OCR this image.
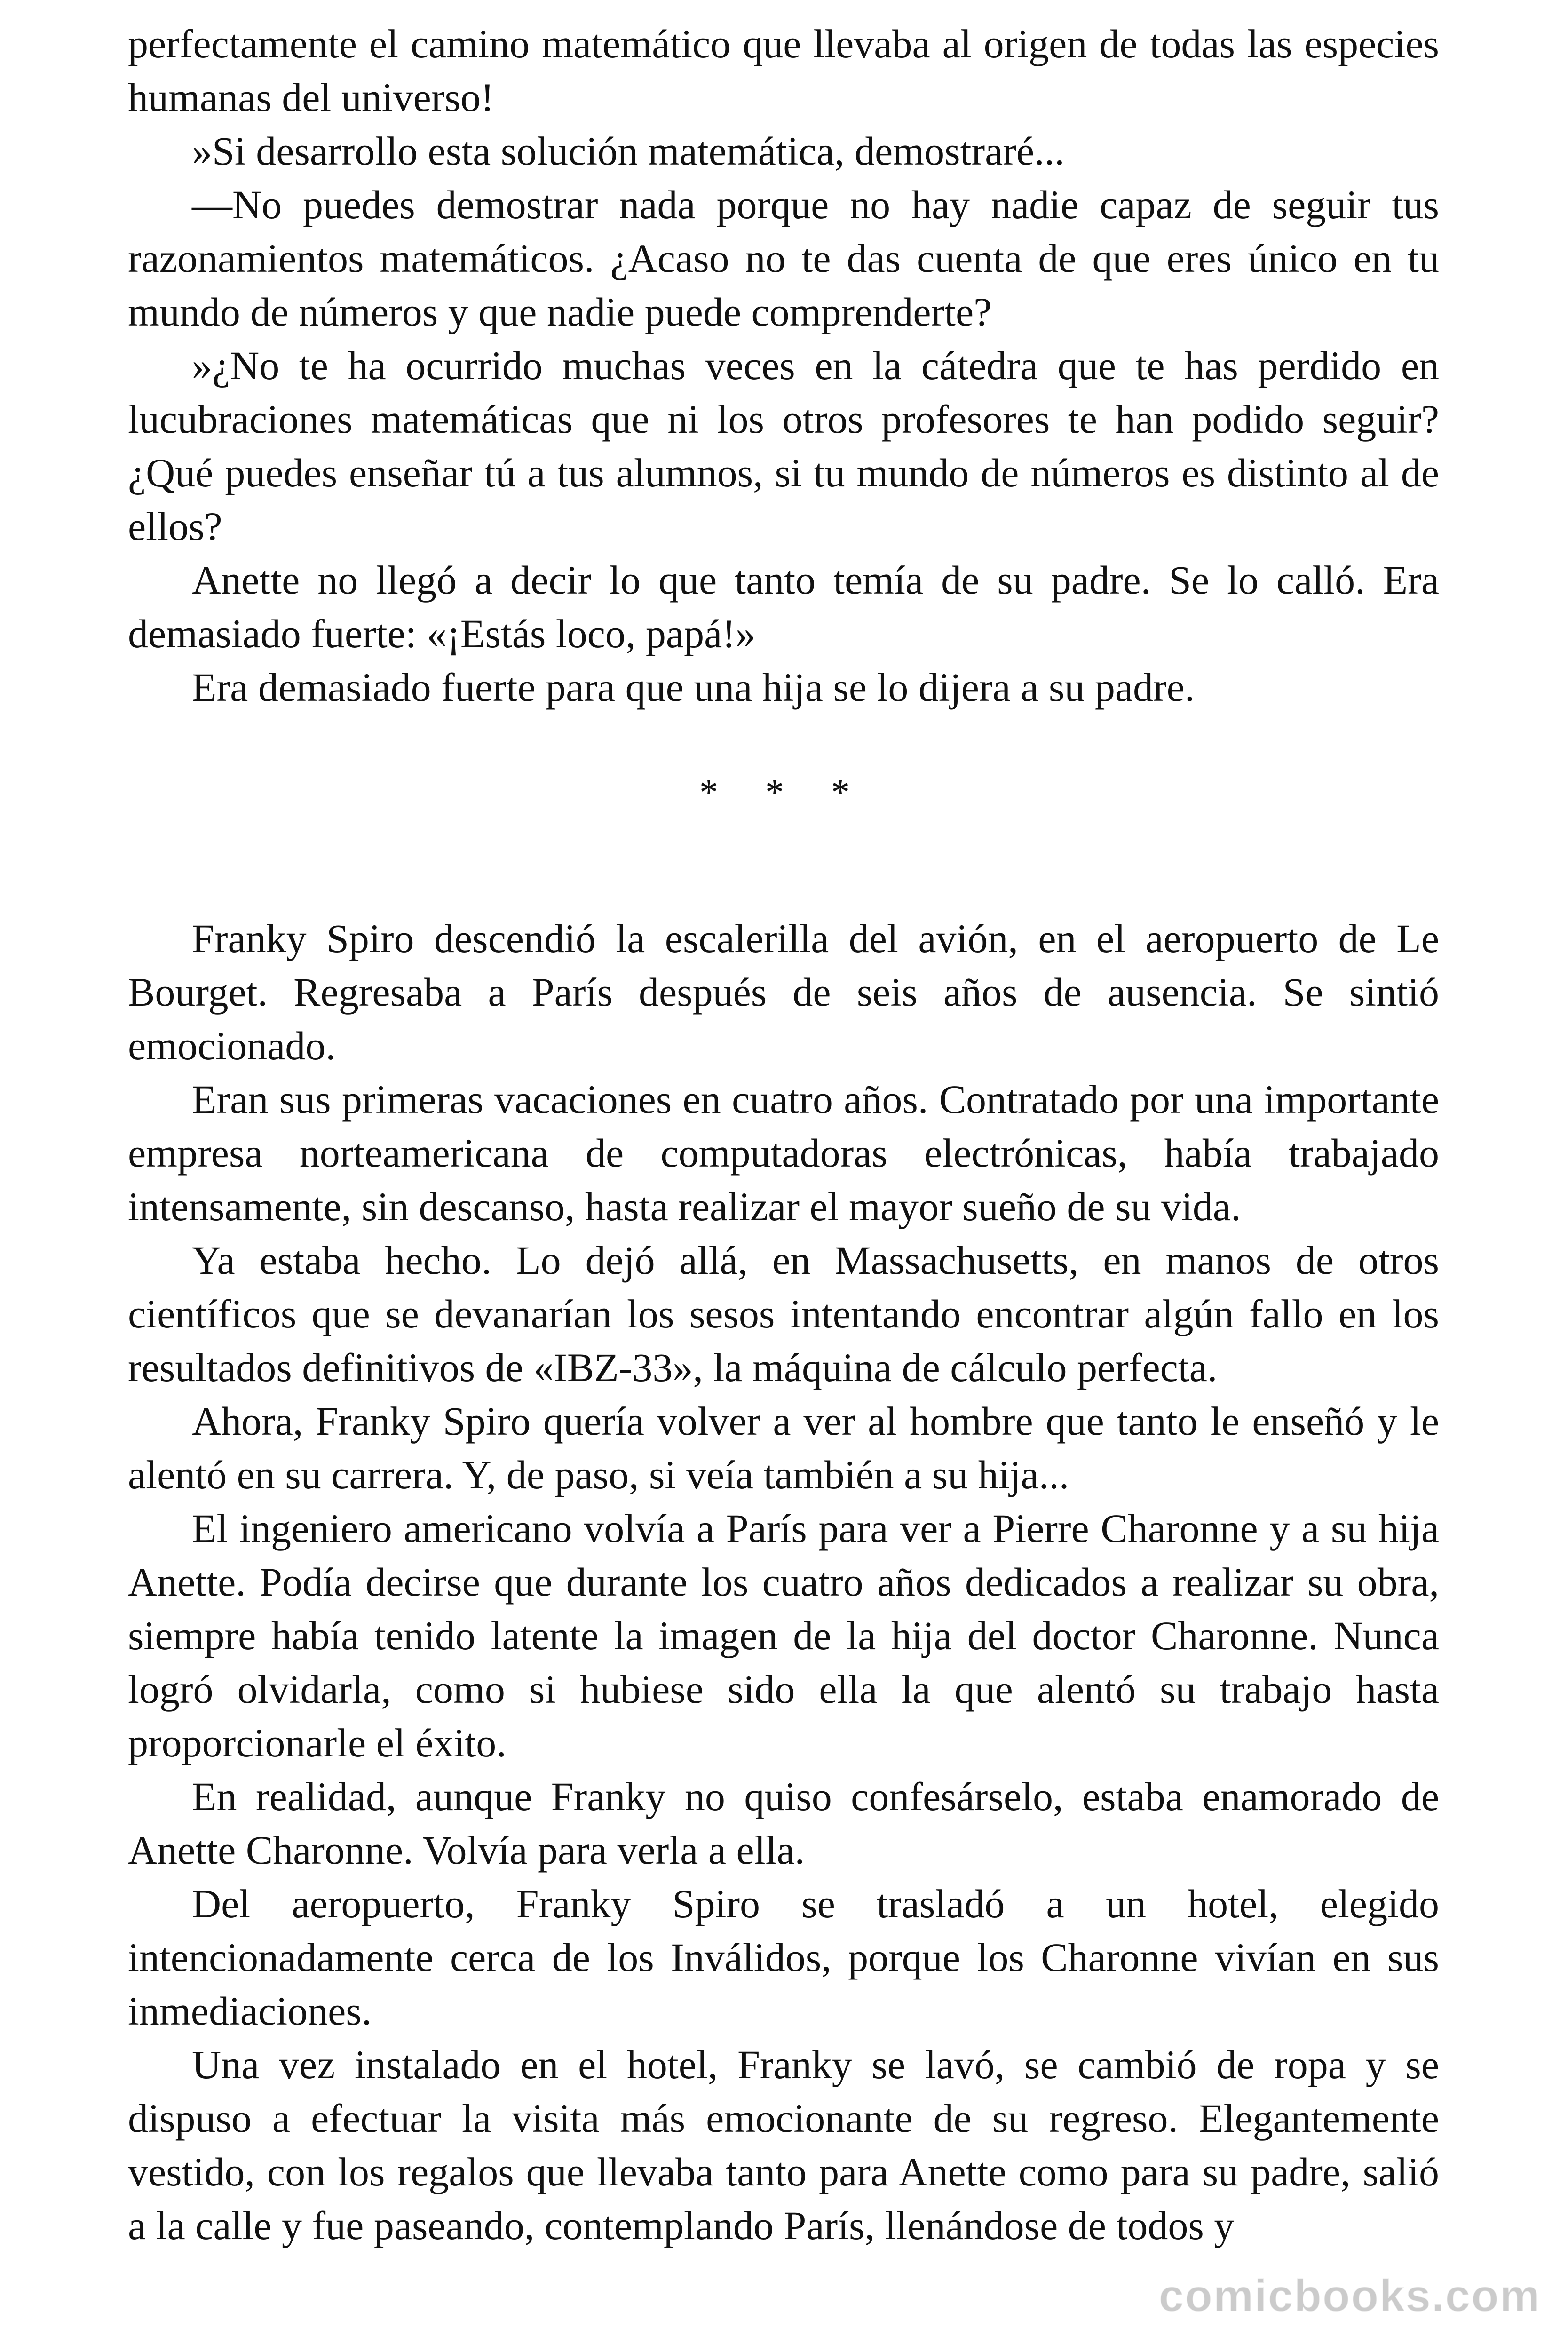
perfectamente el camino matemático que llevaba al origen de todas las especies humanas del universo!

»Si desarrollo esta solución matemática, demostraré...

—No puedes demostrar nada porque no hay nadie capaz de seguir tus razonamientos matemáticos. ¿Acaso no te das cuenta de que eres único en tu mundo de números y que nadie puede comprenderte?

»¿No te ha ocurrido muchas veces en la cátedra que te has perdido en lucubraciones matemáticas que ni los otros profesores te han podido seguir? ¿Qué puedes enseñar tú a tus alumnos, si tu mundo de números es distinto al de ellos?

Anette no llegó a decir lo que tanto temía de su padre. Se lo calló. Era demasiado fuerte: «¡Estás loco, papá!»

Era demasiado fuerte para que una hija se lo dijera a su padre.

* * *

Franky Spiro descendió la escalerilla del avión, en el aeropuerto de Le Bourget. Regresaba a París después de seis años de ausencia. Se sintió emocionado.

Eran sus primeras vacaciones en cuatro años. Contratado por una importante empresa norteamericana de computadoras electrónicas, había trabajado intensamente, sin descanso, hasta realizar el mayor sueño de su vida.

Ya estaba hecho. Lo dejó allá, en Massachusetts, en manos de otros científicos que se devanarían los sesos intentando encontrar algún fallo en los resultados definitivos de «IBZ-33», la máquina de cálculo perfecta.

Ahora, Franky Spiro quería volver a ver al hombre que tanto le enseñó y le alentó en su carrera. Y, de paso, si veía también a su hija...

El ingeniero americano volvía a París para ver a Pierre Charonne y a su hija Anette. Podía decirse que durante los cuatro años dedicados a realizar su obra, siempre había tenido latente la imagen de la hija del doctor Charonne. Nunca logró olvidarla, como si hubiese sido ella la que alentó su trabajo hasta proporcionarle el éxito.

En realidad, aunque Franky no quiso confesárselo, estaba enamorado de Anette Charonne. Volvía para verla a ella.

Del aeropuerto, Franky Spiro se trasladó a un hotel, elegido intencionadamente cerca de los Inválidos, porque los Charonne vivían en sus inmediaciones.

Una vez instalado en el hotel, Franky se lavó, se cambió de ropa y se dispuso a efectuar la visita más emocionante de su regreso. Elegantemente vestido, con los regalos que llevaba tanto para Anette como para su padre, salió a la calle y fue paseando, contemplando París, llenándose de todos y

comicbooks.com
